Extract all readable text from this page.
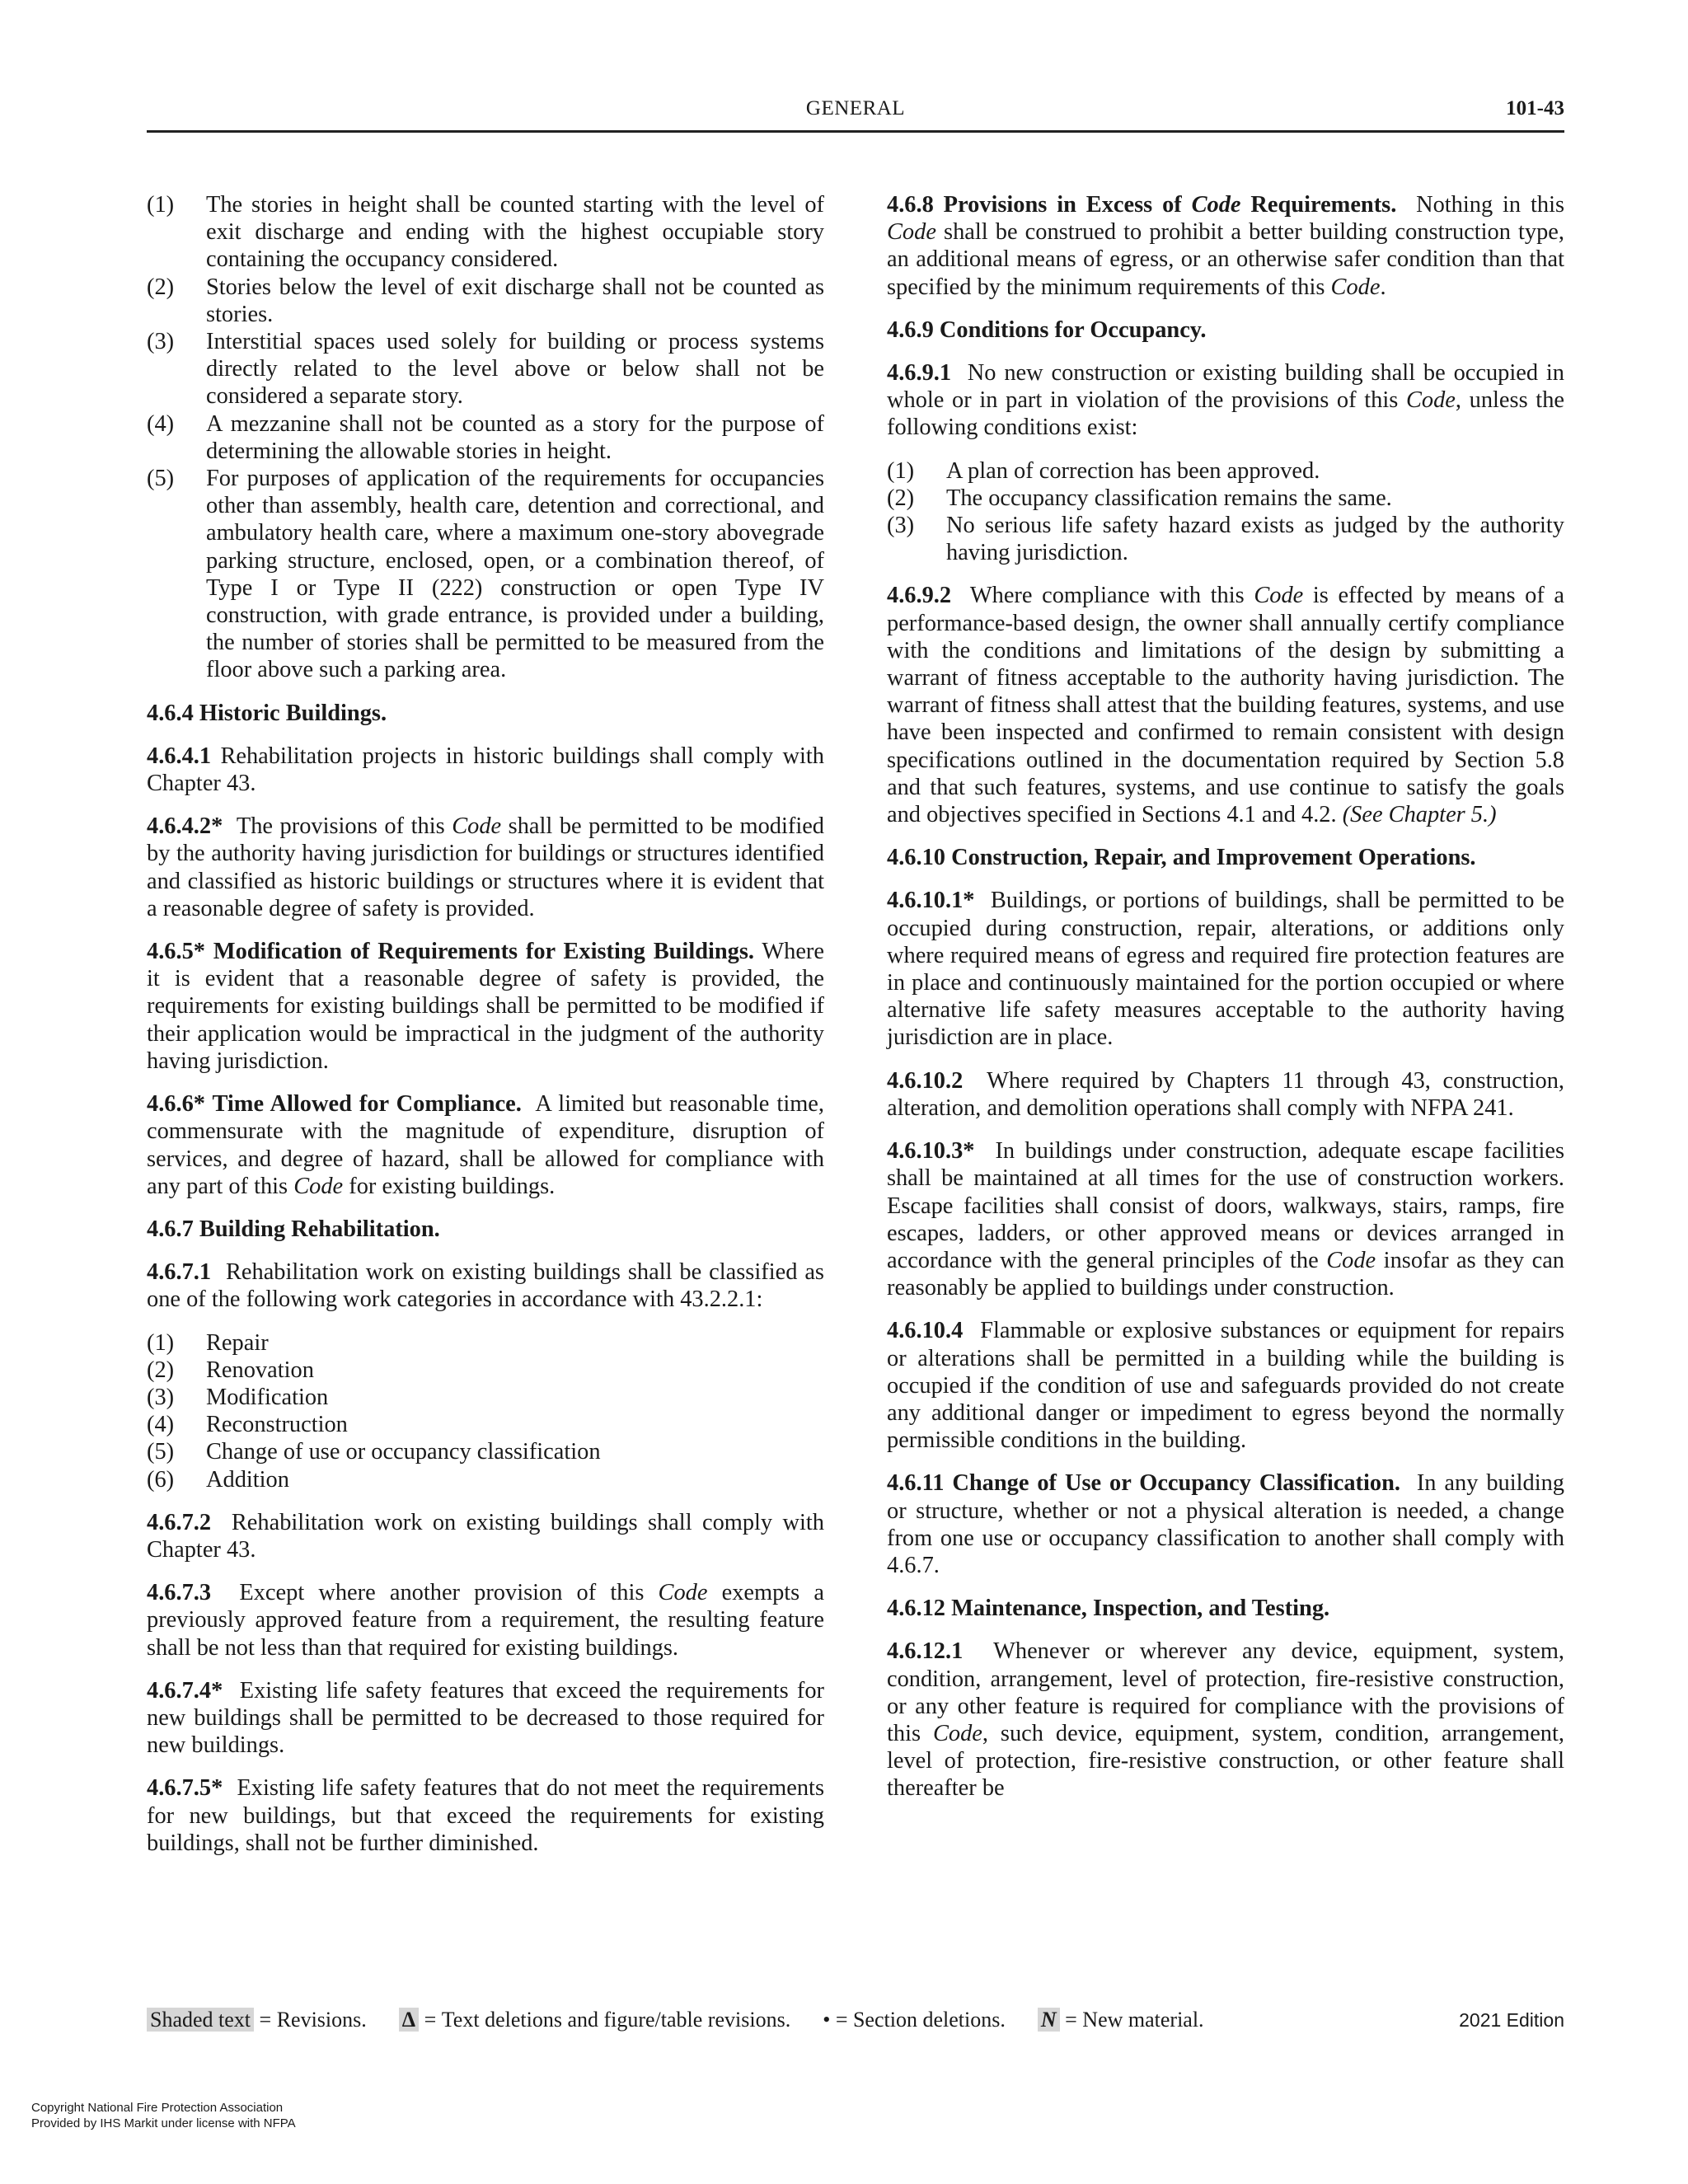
GENERAL	101-43
(1) The stories in height shall be counted starting with the level of exit discharge and ending with the highest occupiable story containing the occupancy considered.
(2) Stories below the level of exit discharge shall not be counted as stories.
(3) Interstitial spaces used solely for building or process systems directly related to the level above or below shall not be considered a separate story.
(4) A mezzanine shall not be counted as a story for the purpose of determining the allowable stories in height.
(5) For purposes of application of the requirements for occupancies other than assembly, health care, detention and correctional, and ambulatory health care, where a maximum one-story abovegrade parking structure, enclosed, open, or a combination thereof, of Type I or Type II (222) construction or open Type IV construction, with grade entrance, is provided under a building, the number of stories shall be permitted to be measured from the floor above such a parking area.
4.6.4 Historic Buildings.

4.6.4.1 Rehabilitation projects in historic buildings shall comply with Chapter 43.

4.6.4.2* The provisions of this Code shall be permitted to be modified by the authority having jurisdiction for buildings or structures identified and classified as historic buildings or structures where it is evident that a reasonable degree of safety is provided.

4.6.5* Modification of Requirements for Existing Buildings. Where it is evident that a reasonable degree of safety is provided, the requirements for existing buildings shall be permitted to be modified if their application would be impractical in the judgment of the authority having jurisdiction.

4.6.6* Time Allowed for Compliance. A limited but reasonable time, commensurate with the magnitude of expenditure, disruption of services, and degree of hazard, shall be allowed for compliance with any part of this Code for existing buildings.

4.6.7 Building Rehabilitation.

4.6.7.1 Rehabilitation work on existing buildings shall be classified as one of the following work categories in accordance with 43.2.2.1:

(1) Repair
(2) Renovation
(3) Modification
(4) Reconstruction
(5) Change of use or occupancy classification
(6) Addition

4.6.7.2 Rehabilitation work on existing buildings shall comply with Chapter 43.

4.6.7.3 Except where another provision of this Code exempts a previously approved feature from a requirement, the resulting feature shall be not less than that required for existing buildings.

4.6.7.4* Existing life safety features that exceed the requirements for new buildings shall be permitted to be decreased to those required for new buildings.

4.6.7.5* Existing life safety features that do not meet the requirements for new buildings, but that exceed the requirements for existing buildings, shall not be further diminished.

4.6.8 Provisions in Excess of Code Requirements. Nothing in this Code shall be construed to prohibit a better building construction type, an additional means of egress, or an otherwise safer condition than that specified by the minimum requirements of this Code.

4.6.9 Conditions for Occupancy.

4.6.9.1 No new construction or existing building shall be occupied in whole or in part in violation of the provisions of this Code, unless the following conditions exist:

(1) A plan of correction has been approved.
(2) The occupancy classification remains the same.
(3) No serious life safety hazard exists as judged by the authority having jurisdiction.

4.6.9.2 Where compliance with this Code is effected by means of a performance-based design, the owner shall annually certify compliance with the conditions and limitations of the design by submitting a warrant of fitness acceptable to the authority having jurisdiction. The warrant of fitness shall attest that the building features, systems, and use have been inspected and confirmed to remain consistent with design specifications outlined in the documentation required by Section 5.8 and that such features, systems, and use continue to satisfy the goals and objectives specified in Sections 4.1 and 4.2. (See Chapter 5.)

4.6.10 Construction, Repair, and Improvement Operations.

4.6.10.1* Buildings, or portions of buildings, shall be permitted to be occupied during construction, repair, alterations, or additions only where required means of egress and required fire protection features are in place and continuously maintained for the portion occupied or where alternative life safety measures acceptable to the authority having jurisdiction are in place.

4.6.10.2 Where required by Chapters 11 through 43, construction, alteration, and demolition operations shall comply with NFPA 241.

4.6.10.3* In buildings under construction, adequate escape facilities shall be maintained at all times for the use of construction workers. Escape facilities shall consist of doors, walkways, stairs, ramps, fire escapes, ladders, or other approved means or devices arranged in accordance with the general principles of the Code insofar as they can reasonably be applied to buildings under construction.

4.6.10.4 Flammable or explosive substances or equipment for repairs or alterations shall be permitted in a building while the building is occupied if the condition of use and safeguards provided do not create any additional danger or impediment to egress beyond the normally permissible conditions in the building.

4.6.11 Change of Use or Occupancy Classification. In any building or structure, whether or not a physical alteration is needed, a change from one use or occupancy classification to another shall comply with 4.6.7.

4.6.12 Maintenance, Inspection, and Testing.

4.6.12.1 Whenever or wherever any device, equipment, system, condition, arrangement, level of protection, fire-resistive construction, or any other feature is required for compliance with the provisions of this Code, such device, equipment, system, condition, arrangement, level of protection, fire-resistive construction, or other feature shall thereafter be

Shaded text = Revisions. Δ = Text deletions and figure/table revisions. • = Section deletions. N = New material.	2021 Edition
Copyright National Fire Protection Association
Provided by IHS Markit under license with NFPA
